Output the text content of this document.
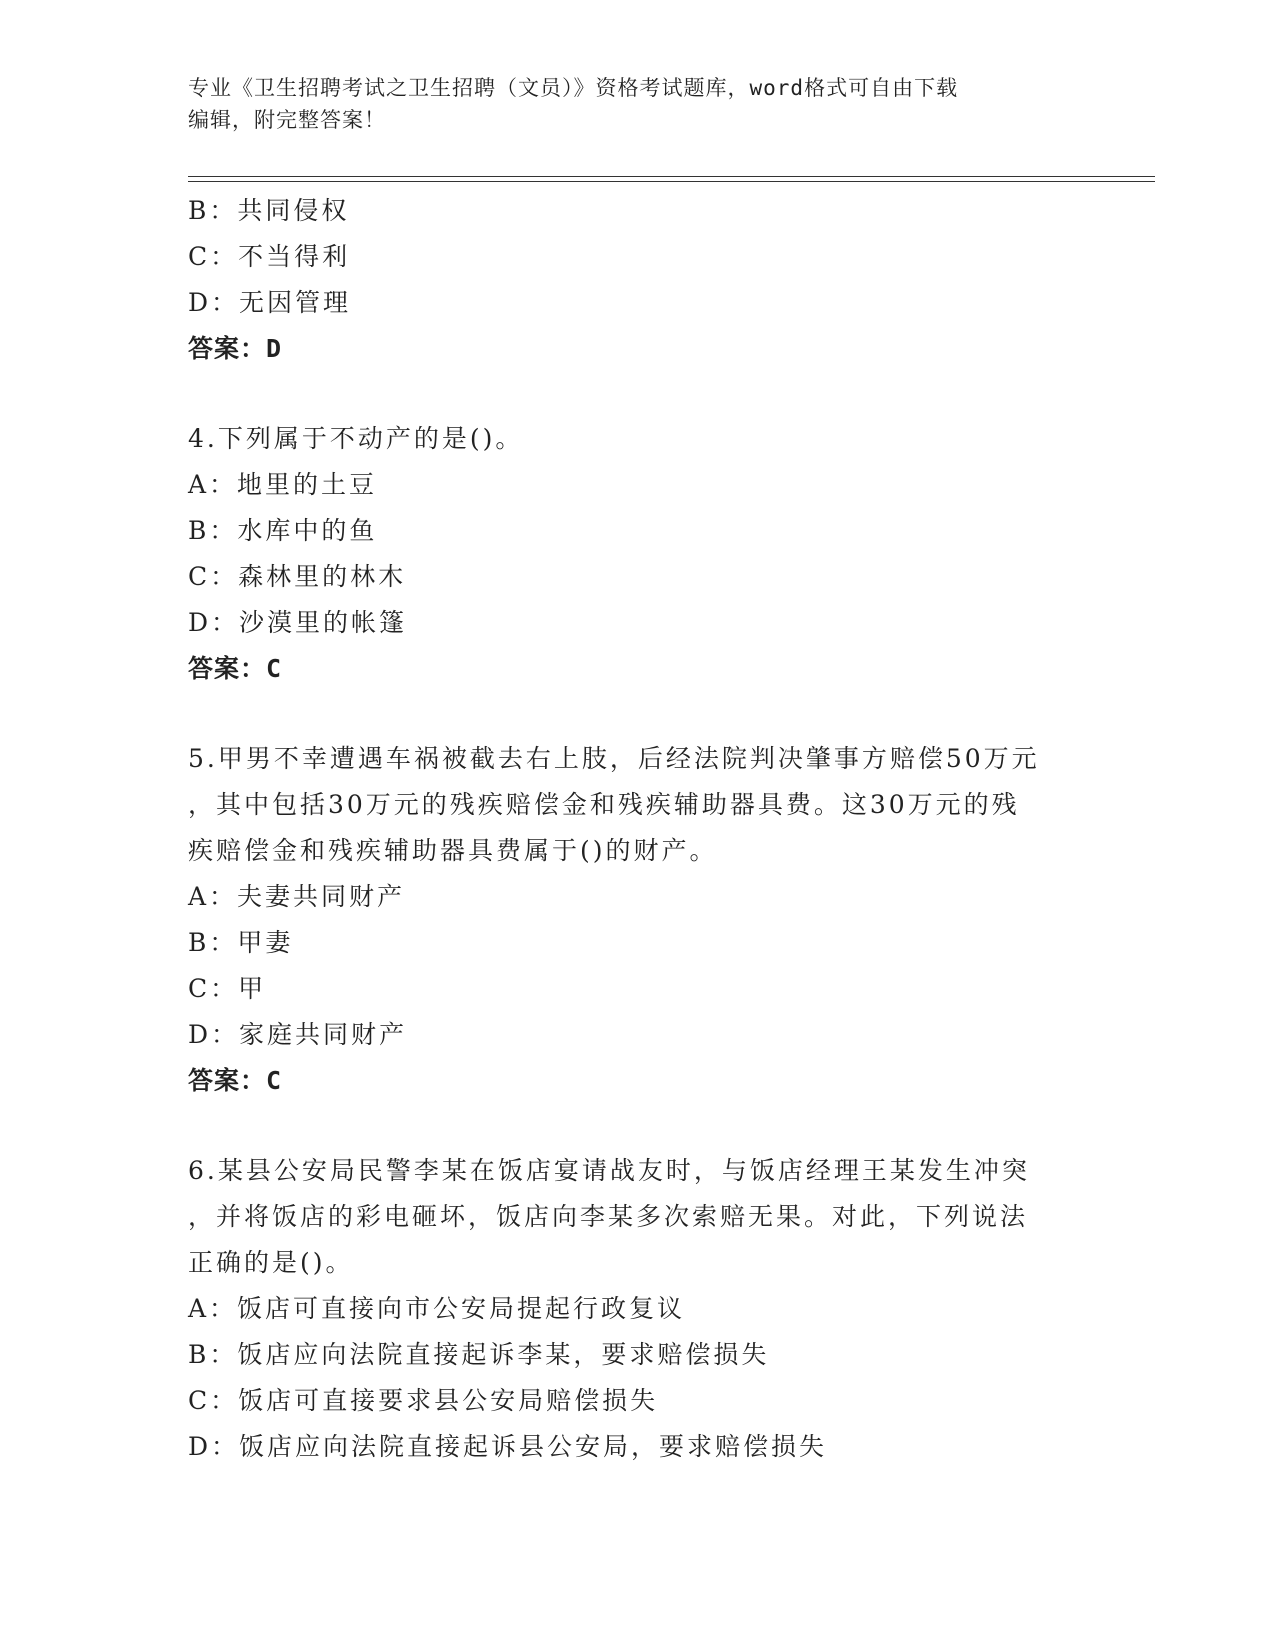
专业《卫生招聘考试之卫生招聘（文员）》资格考试题库，word格式可自由下载
编辑，附完整答案！
B：共同侵权
C：不当得利
D：无因管理
答案：D
4.下列属于不动产的是()。
A：地里的土豆
B：水库中的鱼
C：森林里的林木
D：沙漠里的帐篷
答案：C
5.甲男不幸遭遇车祸被截去右上肢，后经法院判决肇事方赔偿50万元
，其中包括30万元的残疾赔偿金和残疾辅助器具费。这30万元的残
疾赔偿金和残疾辅助器具费属于()的财产。
A：夫妻共同财产
B：甲妻
C：甲
D：家庭共同财产
答案：C
6.某县公安局民警李某在饭店宴请战友时，与饭店经理王某发生冲突
，并将饭店的彩电砸坏，饭店向李某多次索赔无果。对此，下列说法
正确的是()。
A：饭店可直接向市公安局提起行政复议
B：饭店应向法院直接起诉李某，要求赔偿损失
C：饭店可直接要求县公安局赔偿损失
D：饭店应向法院直接起诉县公安局，要求赔偿损失
